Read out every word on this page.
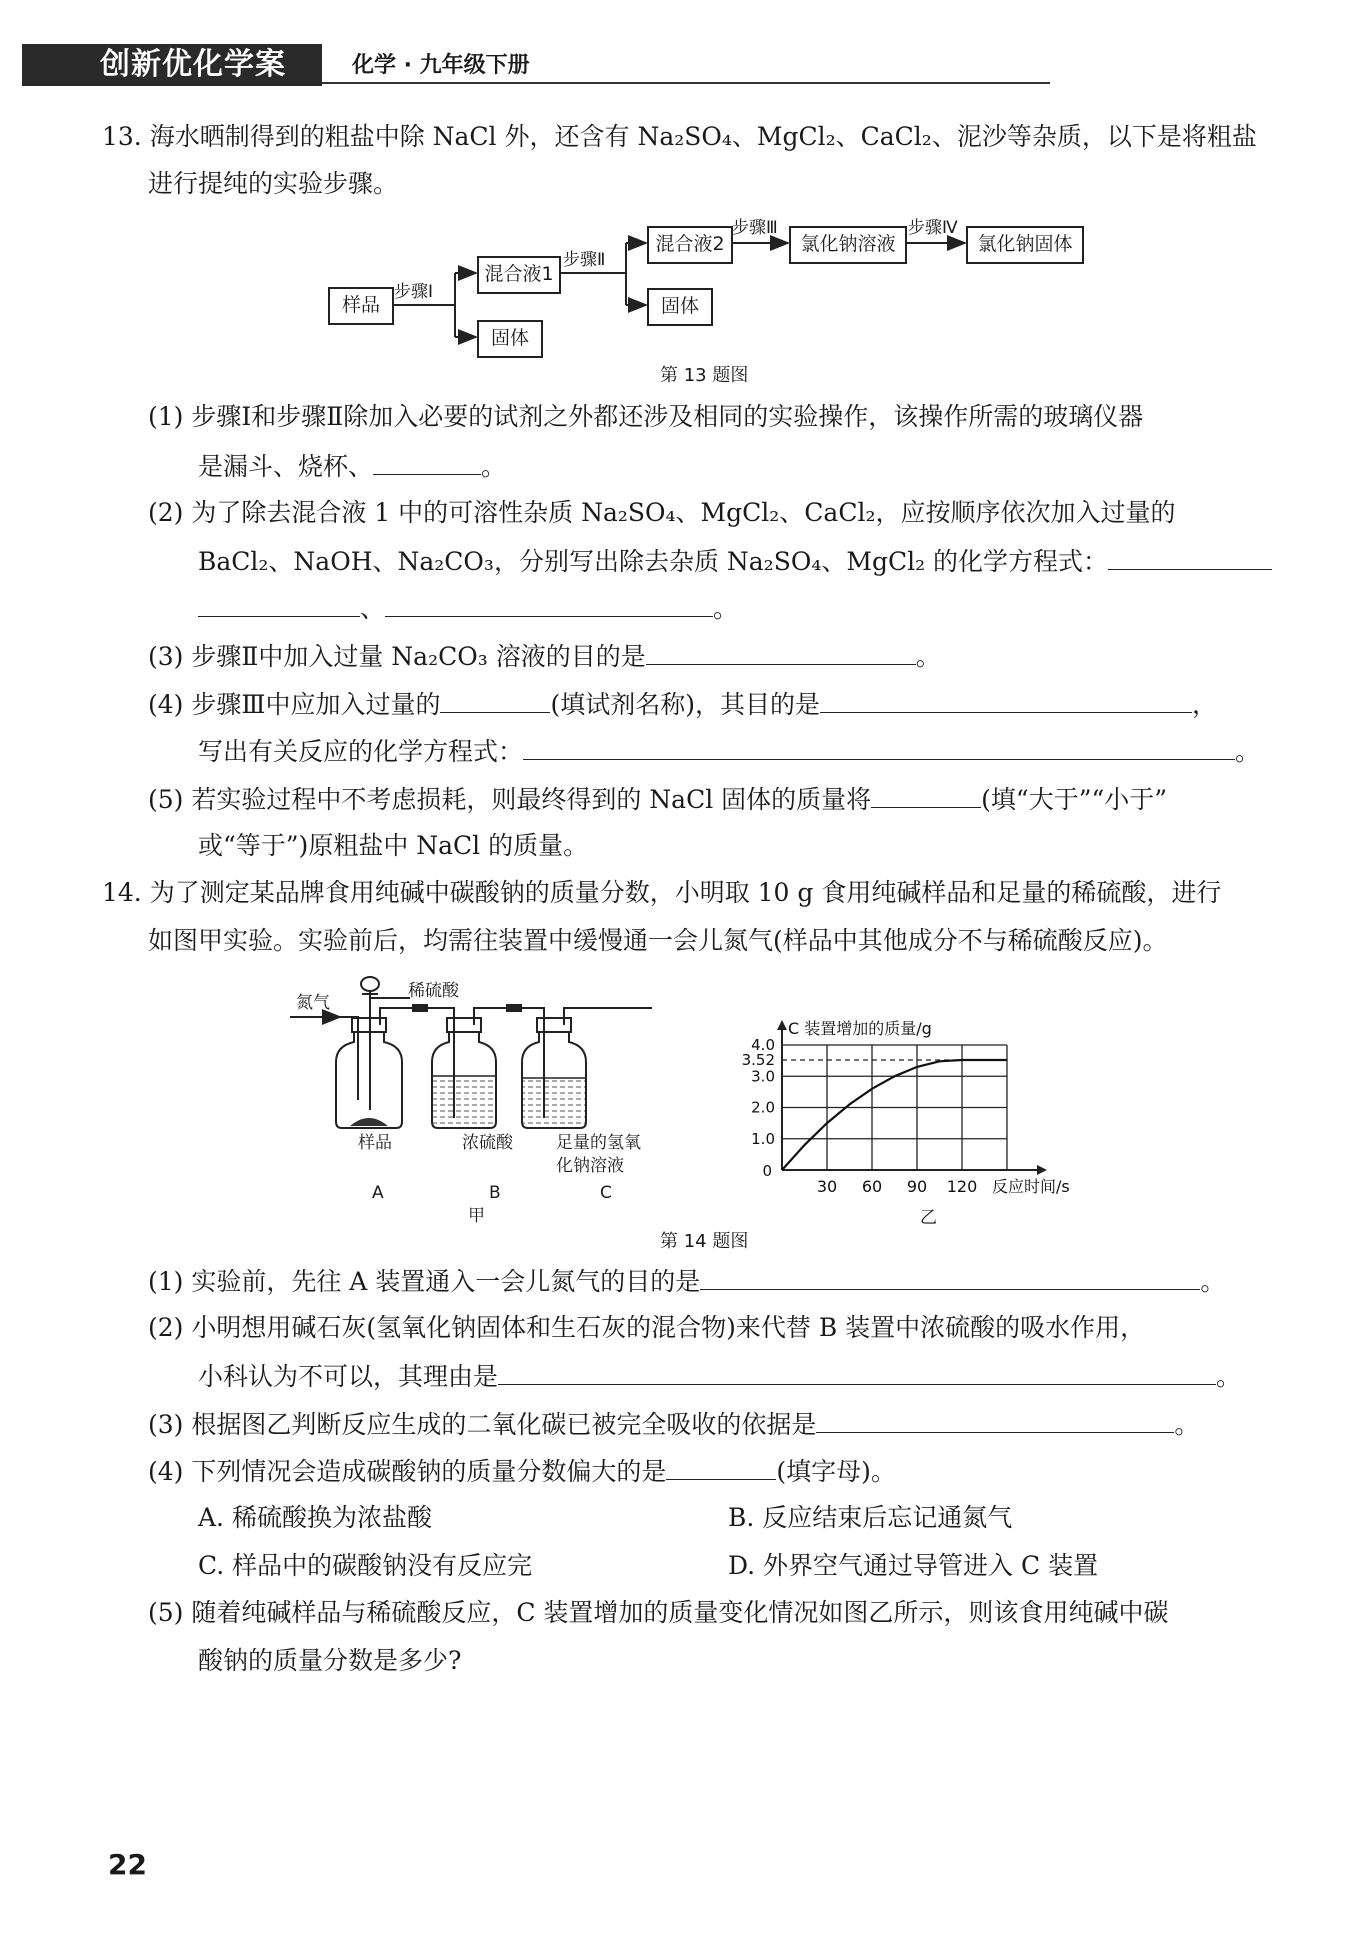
创新优化学案	化学 · 九年级下册
13. 海水晒制得到的粗盐中除 NaCl 外，还含有 Na₂SO₄、MgCl₂、CaCl₂、泥沙等杂质，以下是将粗盐
进行提纯的实验步骤。
样品
混合液1
固体
混合液2
固体
氯化钠溶液	氯化钠固体
步骤Ⅰ
步骤Ⅱ
步骤Ⅲ	步骤Ⅳ
第 13 题图
(1) 步骤Ⅰ和步骤Ⅱ除加入必要的试剂之外都还涉及相同的实验操作，该操作所需的玻璃仪器
是漏斗、烧杯、	。
(2) 为了除去混合液 1 中的可溶性杂质 Na₂SO₄、MgCl₂、CaCl₂，应按顺序依次加入过量的
BaCl₂、NaOH、Na₂CO₃，分别写出除去杂质 Na₂SO₄、MgCl₂ 的化学方程式：
、	。
(3) 步骤Ⅱ中加入过量 Na₂CO₃ 溶液的目的是	。
(4) 步骤Ⅲ中应加入过量的	(填试剂名称)，其目的是	，
写出有关反应的化学方程式：	。
(5) 若实验过程中不考虑损耗，则最终得到的 NaCl 固体的质量将	(填“大于”“小于”
或“等于”)原粗盐中 NaCl 的质量。
14. 为了测定某品牌食用纯碱中碳酸钠的质量分数，小明取 10 g 食用纯碱样品和足量的稀硫酸，进行
如图甲实验。实验前后，均需往装置中缓慢通一会儿氮气(样品中其他成分不与稀硫酸反应)。
氮气
稀硫酸
样品	浓硫酸	足量的氢氧
化钠溶液
A	B	C
甲
30 60 90 120
1.0
2.0
3.0
3.52
4.0
0
C 装置增加的质量/g
反应时间/s
乙
第 14 题图
(1) 实验前，先往 A 装置通入一会儿氮气的目的是	。
(2) 小明想用碱石灰(氢氧化钠固体和生石灰的混合物)来代替 B 装置中浓硫酸的吸水作用，
小科认为不可以，其理由是	。
(3) 根据图乙判断反应生成的二氧化碳已被完全吸收的依据是	。
(4) 下列情况会造成碳酸钠的质量分数偏大的是	(填字母)。
A. 稀硫酸换为浓盐酸	B. 反应结束后忘记通氮气
C. 样品中的碳酸钠没有反应完	D. 外界空气通过导管进入 C 装置
(5) 随着纯碱样品与稀硫酸反应，C 装置增加的质量变化情况如图乙所示，则该食用纯碱中碳
酸钠的质量分数是多少?
22
